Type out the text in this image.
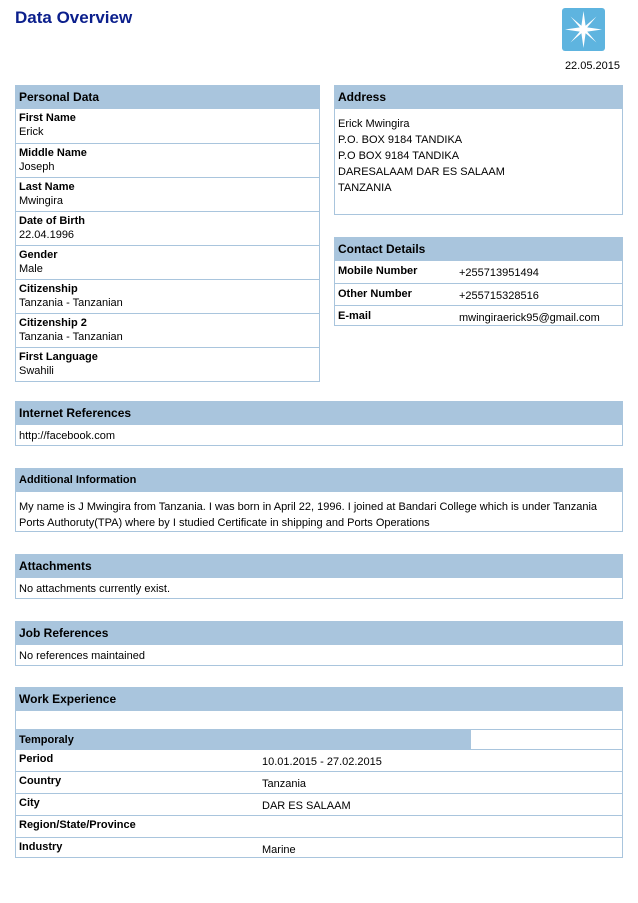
Data Overview
22.05.2015
Personal Data
First Name
Erick
Middle Name
Joseph
Last Name
Mwingira
Date of Birth
22.04.1996
Gender
Male
Citizenship
Tanzania - Tanzanian
Citizenship 2
Tanzania - Tanzanian
First Language
Swahili
Address
Erick Mwingira
P.O. BOX 9184 TANDIKA
P.O BOX 9184 TANDIKA
DARESALAAM DAR ES SALAAM
TANZANIA
Contact Details
Mobile Number	+255713951494
Other Number	+255715328516
E-mail	mwingiraerick95@gmail.com
Internet References
http://facebook.com
Additional Information
My name is J Mwingira from Tanzania. I was born in April 22, 1996. I joined at Bandari College which is under Tanzania Ports Authoruty(TPA) where by I studied Certificate in shipping and Ports Operations
Attachments
No attachments currently exist.
Job References
No references maintained
Work Experience
Temporaly
Period	10.01.2015 - 27.02.2015
Country	Tanzania
City	DAR ES SALAAM
Region/State/Province
Industry	Marine
